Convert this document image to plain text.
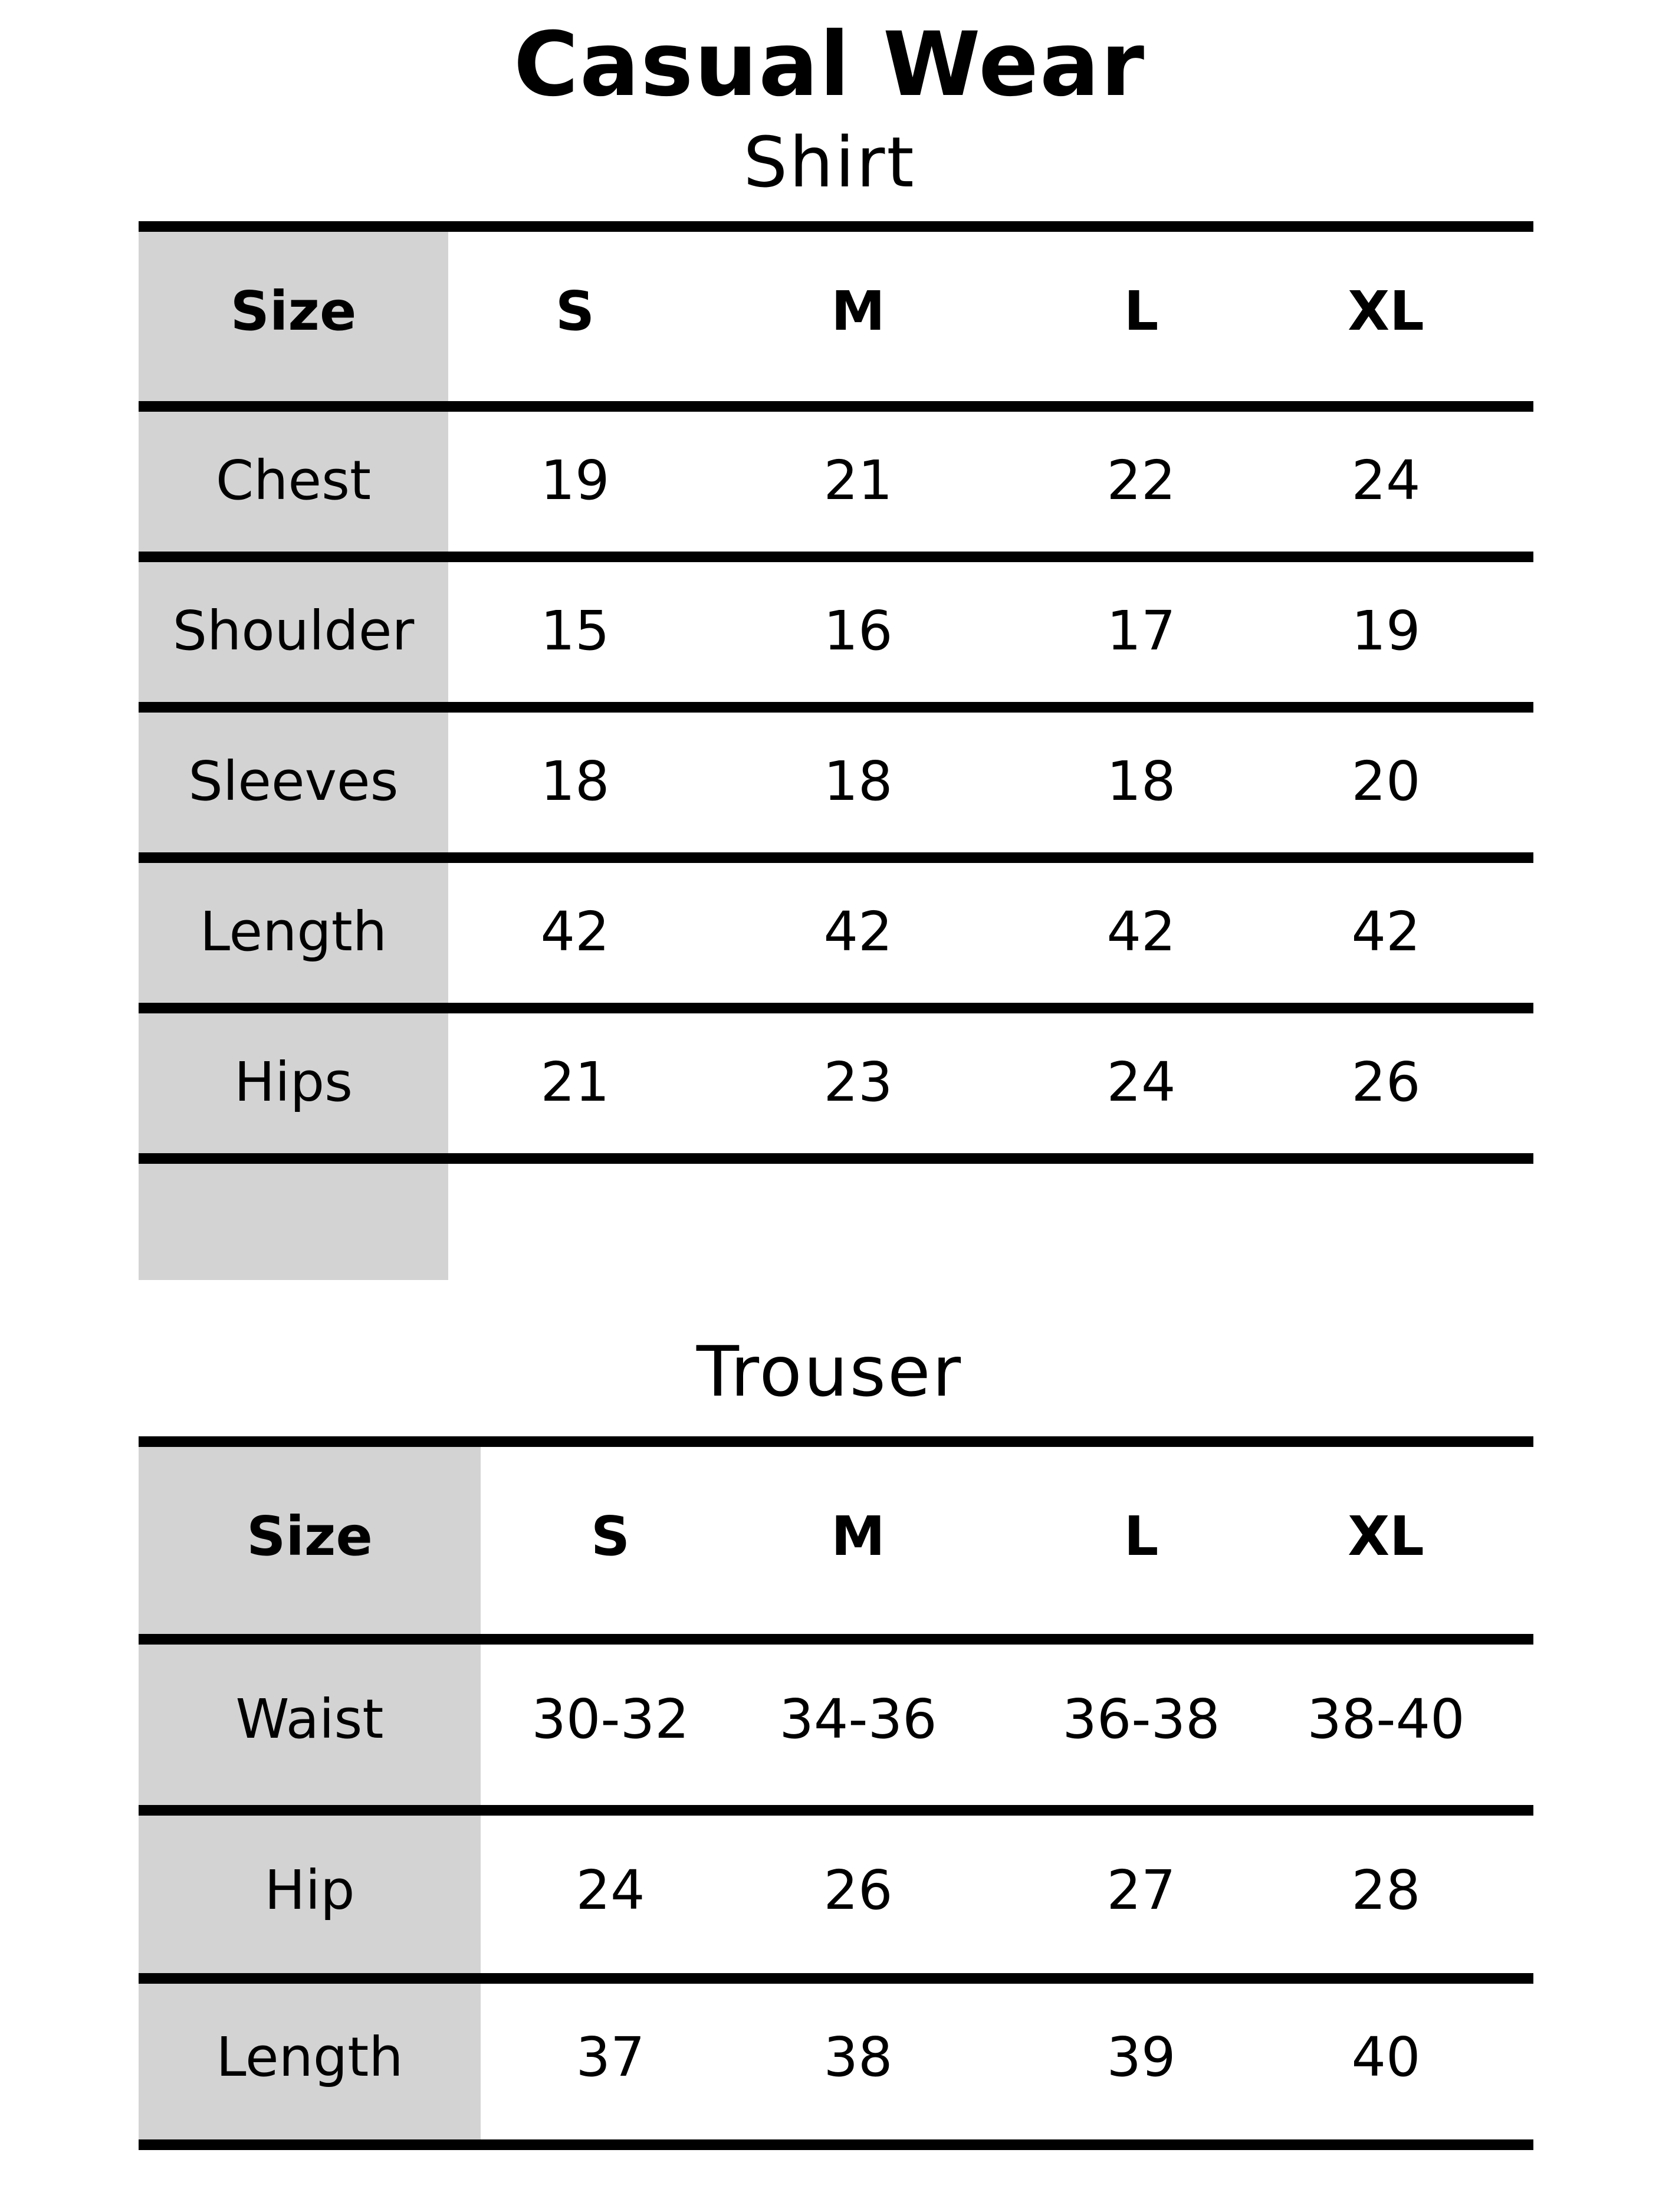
Casual Wear
Shirt
Size	S	M	L	XL
Chest	19	21	22	24
Shoulder	15	16	17	19
Sleeves	18	18	18	20
Length	42	42	42	42
Hips	21	23	24	26
Trouser
Size	S	M	L	XL
Waist	30-32	34-36	36-38	38-40
Hip	24	26	27	28
Length	37	38	39	40
